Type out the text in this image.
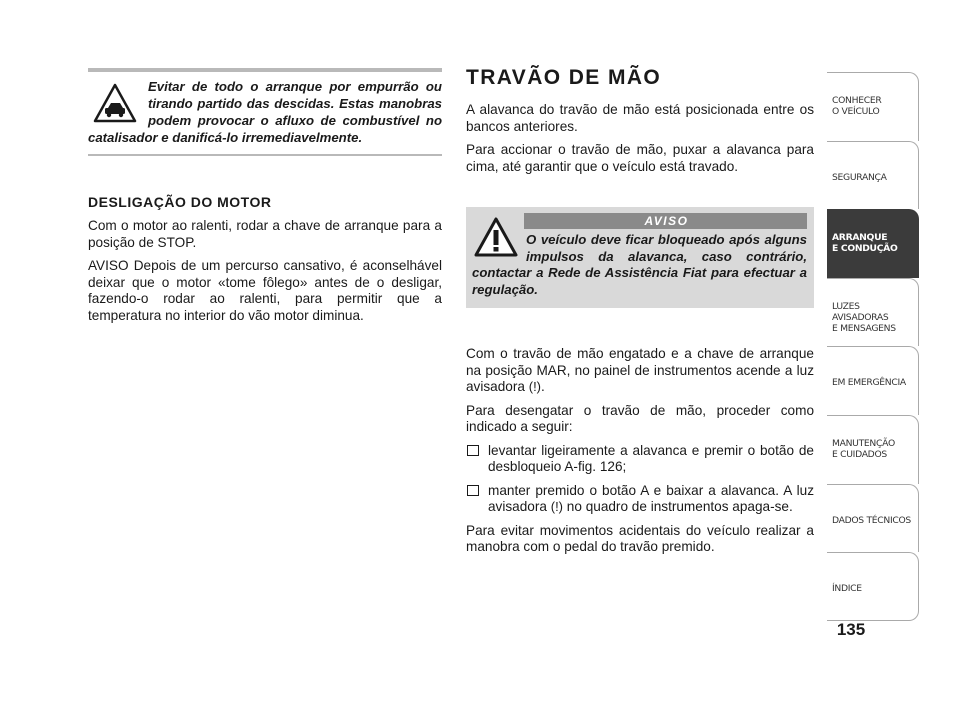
Evitar de todo o arranque por empurrão ou tirando partido das descidas. Estas manobras podem provocar o afluxo de combustível no catalisador e danificá-lo irremediavelmente.

DESLIGAÇÃO DO MOTOR

Com o motor ao ralenti, rodar a chave de arranque para a posição de STOP.

AVISO Depois de um percurso cansativo, é aconselhável deixar que o motor «tome fôlego» antes de o desligar, fazendo-o rodar ao ralenti, para permitir que a temperatura no interior do vão motor diminua.

TRAVÃO DE MÃO

A alavanca do travão de mão está posicionada entre os bancos anteriores.

Para accionar o travão de mão, puxar a alavanca para cima, até garantir que o veículo está travado.

AVISO

O veículo deve ficar bloqueado após alguns impulsos da alavanca, caso contrário, contactar a Rede de Assistência Fiat para efectuar a regulação.

Com o travão de mão engatado e a chave de arranque na posição MAR, no painel de instrumentos acende a luz avisadora (!).

Para desengatar o travão de mão, proceder como indicado a seguir:

levantar ligeiramente a alavanca e premir o botão de desbloqueio A-fig. 126;
manter premido o botão A e baixar a alavanca. A luz avisadora (!) no quadro de instrumentos apaga-se.

Para evitar movimentos acidentais do veículo realizar a manobra com o pedal do travão premido.

CONHECER
O VEÍCULO
SEGURANÇA
ARRANQUE
E CONDUÇÃO
LUZES AVISADORAS
E MENSAGENS
EM EMERGÊNCIA
MANUTENÇÃO
E CUIDADOS
DADOS TÉCNICOS
ÍNDICE
135
